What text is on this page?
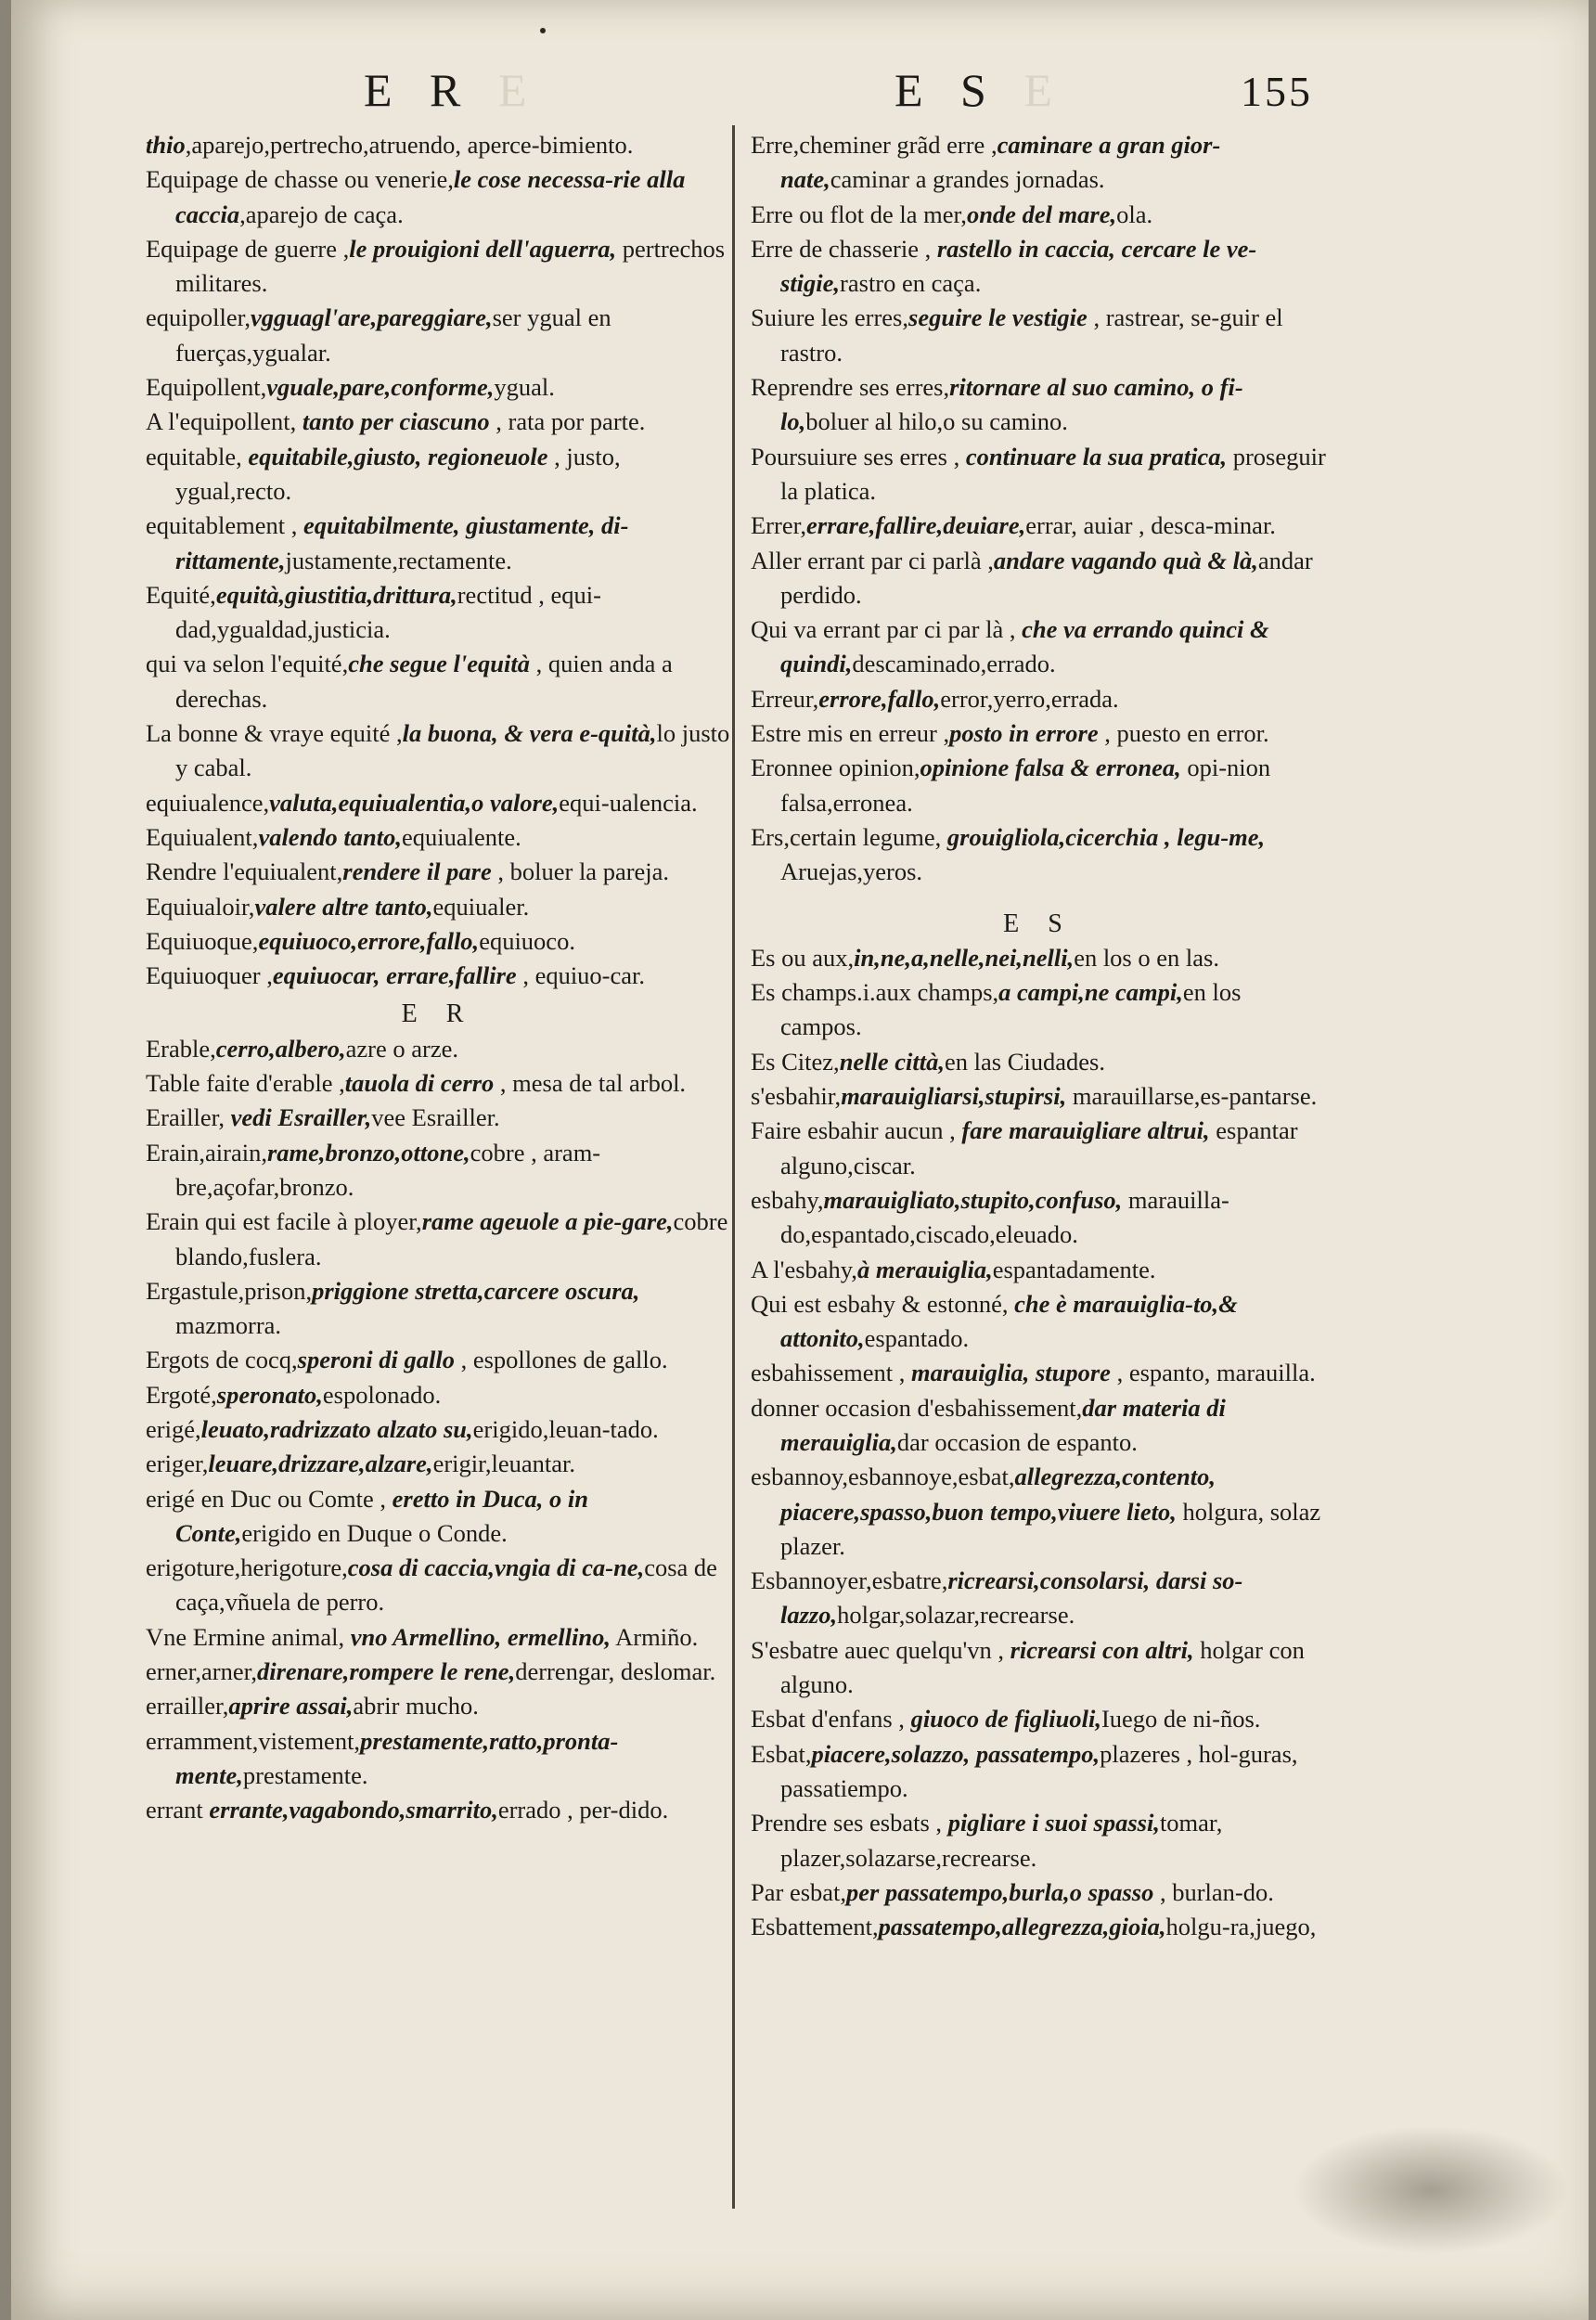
E R E	E S E	155

thio,aparejo,pertrecho,atruendo, aperce-bimiento.

Equipage de chasse ou venerie,le cose necessa-rie alla caccia,aparejo de caça.

Equipage de guerre ,le prouigioni dell'aguerra, pertrechos militares.

equipoller,vgguagl'are,pareggiare,ser ygual en fuerças,ygualar.

Equipollent,vguale,pare,conforme,ygual.

A l'equipollent, tanto per ciascuno , rata por parte.

equitable, equitabile,giusto, regioneuole , justo, ygual,recto.

equitablement , equitabilmente, giustamente, di-rittamente,justamente,rectamente.

Equité,equità,giustitia,drittura,rectitud , equi-dad,ygualdad,justicia.

qui va selon l'equité,che segue l'equità , quien anda a derechas.

La bonne & vraye equité ,la buona, & vera e-quità,lo justo y cabal.

equiualence,valuta,equiualentia,o valore,equi-ualencia.

Equiualent,valendo tanto,equiualente.

Rendre l'equiualent,rendere il pare , boluer la pareja.

Equiualoir,valere altre tanto,equiualer.

Equiuoque,equiuoco,errore,fallo,equiuoco.

Equiuoquer ,equiuocar, errare,fallire , equiuo-car.

E R

Erable,cerro,albero,azre o arze.

Table faite d'erable ,tauola di cerro , mesa de tal arbol.

Erailler, vedi Esrailler,vee Esrailler.

Erain,airain,rame,bronzo,ottone,cobre , aram-bre,açofar,bronzo.

Erain qui est facile à ployer,rame ageuole a pie-gare,cobre blando,fuslera.

Ergastule,prison,priggione stretta,carcere oscura, mazmorra.

Ergots de cocq,speroni di gallo , espollones de gallo.

Ergoté,speronato,espolonado.

erigé,leuato,radrizzato alzato su,erigido,leuan-tado.

eriger,leuare,drizzare,alzare,erigir,leuantar.

erigé en Duc ou Comte , eretto in Duca, o in Conte,erigido en Duque o Conde.

erigoture,herigoture,cosa di caccia,vngia di ca-ne,cosa de caça,vñuela de perro.

Vne Ermine animal, vno Armellino, ermellino, Armiño.

erner,arner,direnare,rompere le rene,derrengar, deslomar.

errailler,aprire assai,abrir mucho.

erramment,vistement,prestamente,ratto,pronta-mente,prestamente.

errant errante,vagabondo,smarrito,errado , per-dido.

Erre,cheminer grãd erre ,caminare a gran gior-nate,caminar a grandes jornadas.

Erre ou flot de la mer,onde del mare,ola.

Erre de chasserie , rastello in caccia, cercare le ve-stigie,rastro en caça.

Suiure les erres,seguire le vestigie , rastrear, se-guir el rastro.

Reprendre ses erres,ritornare al suo camino, o fi-lo,boluer al hilo,o su camino.

Poursuiure ses erres , continuare la sua pratica, proseguir la platica.

Errer,errare,fallire,deuiare,errar, auiar , desca-minar.

Aller errant par ci parlà ,andare vagando quà & là,andar perdido.

Qui va errant par ci par là , che va errando quinci & quindi,descaminado,errado.

Erreur,errore,fallo,error,yerro,errada.

Estre mis en erreur ,posto in errore , puesto en error.

Eronnee opinion,opinione falsa & erronea, opi-nion falsa,erronea.

Ers,certain legume, grouigliola,cicerchia , legu-me, Aruejas,yeros.

E S

Es ou aux,in,ne,a,nelle,nei,nelli,en los o en las.

Es champs.i.aux champs,a campi,ne campi,en los campos.

Es Citez,nelle città,en las Ciudades.

s'esbahir,marauigliarsi,stupirsi, marauillarse,es-pantarse.

Faire esbahir aucun , fare marauigliare altrui, espantar alguno,ciscar.

esbahy,marauigliato,stupito,confuso, marauilla-do,espantado,ciscado,eleuado.

A l'esbahy,à merauiglia,espantadamente.

Qui est esbahy & estonné, che è marauiglia-to,& attonito,espantado.

esbahissement , marauiglia, stupore , espanto, marauilla.

donner occasion d'esbahissement,dar materia di merauiglia,dar occasion de espanto.

esbannoy,esbannoye,esbat,allegrezza,contento, piacere,spasso,buon tempo,viuere lieto, holgura, solaz plazer.

Esbannoyer,esbatre,ricrearsi,consolarsi, darsi so-lazzo,holgar,solazar,recrearse.

S'esbatre auec quelqu'vn , ricrearsi con altri, holgar con alguno.

Esbat d'enfans , giuoco de figliuoli,Iuego de ni-ños.

Esbat,piacere,solazzo, passatempo,plazeres , hol-guras, passatiempo.

Prendre ses esbats , pigliare i suoi spassi,tomar, plazer,solazarse,recrearse.

Par esbat,per passatempo,burla,o spasso , burlan-do.

Esbattement,passatempo,allegrezza,gioia,holgu-ra,juego,
